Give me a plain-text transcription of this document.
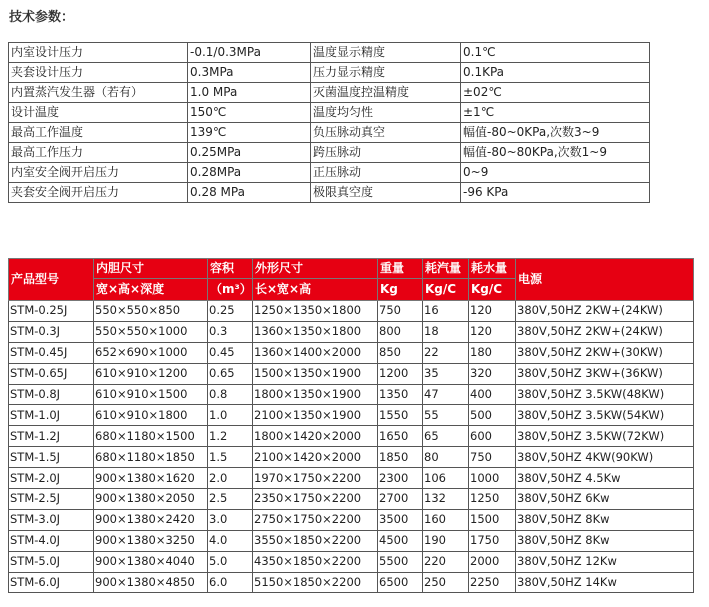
技术参数：
内室设计压力	-0.1/0.3MPa	温度显示精度	0.1℃
夹套设计压力	0.3MPa	压力显示精度	0.1KPa
内置蒸汽发生器（若有）	1.0 MPa	灭菌温度控温精度	±02℃
设计温度	150℃	温度均匀性	±1℃
最高工作温度	139℃	负压脉动真空	幅值-80~0KPa,次数3~9
最高工作压力	0.25MPa	跨压脉动	幅值-80~80KPa,次数1~9
内室安全阀开启压力	0.28MPa	正压脉动	0~9
夹套安全阀开启压力	0.28 MPa	极限真空度	-96 KPa
产品型号	内胆尺寸	容积	外形尺寸	重量	耗汽量	耗水量	电源
	宽×高×深度	（m³）	长×宽×高	Kg	Kg/C	Kg/C	
STM-0.25J	550×550×850	0.25	1250×1350×1800	750	16	120	380V,50HZ 2KW+(24KW)
STM-0.3J	550×550×1000	0.3	1360×1350×1800	800	18	120	380V,50HZ 2KW+(24KW)
STM-0.45J	652×690×1000	0.45	1360×1400×2000	850	22	180	380V,50HZ 2KW+(30KW)
STM-0.65J	610×910×1200	0.65	1500×1350×1900	1200	35	320	380V,50HZ 3KW+(36KW)
STM-0.8J	610×910×1500	0.8	1800×1350×1900	1350	47	400	380V,50HZ 3.5KW(48KW)
STM-1.0J	610×910×1800	1.0	2100×1350×1900	1550	55	500	380V,50HZ 3.5KW(54KW)
STM-1.2J	680×1180×1500	1.2	1800×1420×2000	1650	65	600	380V,50HZ 3.5KW(72KW)
STM-1.5J	680×1180×1850	1.5	2100×1420×2000	1850	80	750	380V,50HZ 4KW(90KW)
STM-2.0J	900×1380×1620	2.0	1970×1750×2200	2300	106	1000	380V,50HZ 4.5Kw
STM-2.5J	900×1380×2050	2.5	2350×1750×2200	2700	132	1250	380V,50HZ 6Kw
STM-3.0J	900×1380×2420	3.0	2750×1750×2200	3500	160	1500	380V,50HZ 8Kw
STM-4.0J	900×1380×3250	4.0	3550×1850×2200	4500	190	1750	380V,50HZ 8Kw
STM-5.0J	900×1380×4040	5.0	4350×1850×2200	5500	220	2000	380V,50HZ 12Kw
STM-6.0J	900×1380×4850	6.0	5150×1850×2200	6500	250	2250	380V,50HZ 14Kw
